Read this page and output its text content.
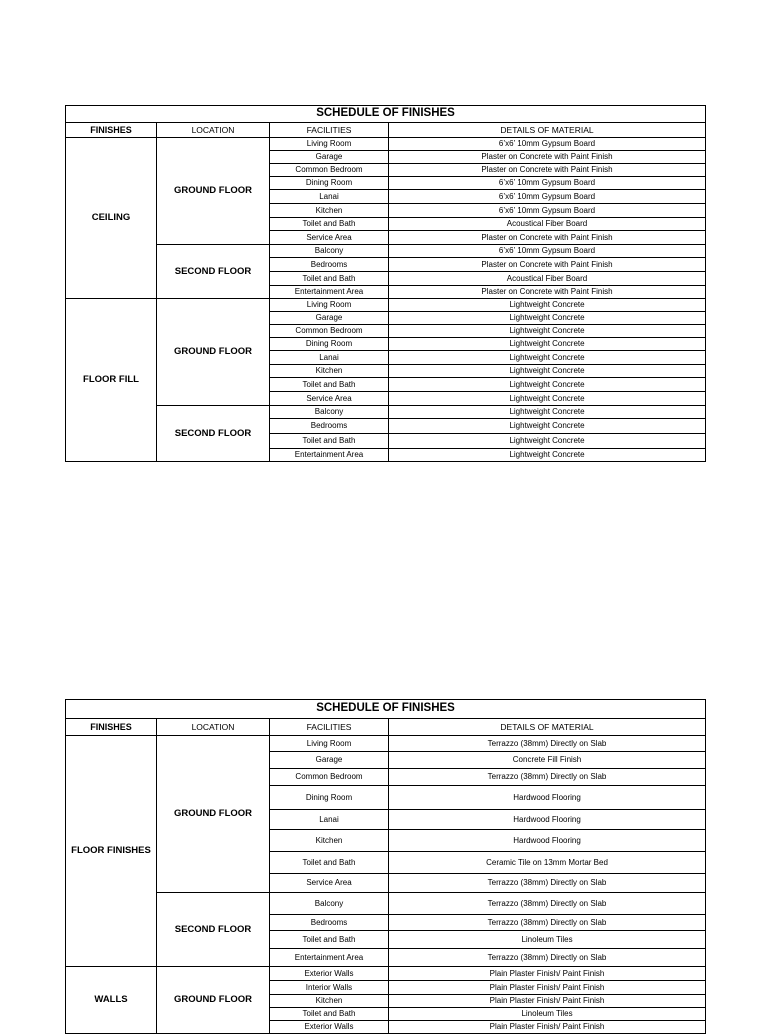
SCHEDULE OF FINISHES			
FINISHES	LOCATION	FACILITIES	DETAILS OF MATERIAL
CEILING	GROUND FLOOR	Living Room	6’x6’ 10mm Gypsum Board
		Garage	Plaster on Concrete with Paint Finish
		Common Bedroom	Plaster on Concrete with Paint Finish
		Dining Room	6’x6’ 10mm Gypsum Board
		Lanai	6’x6’ 10mm Gypsum Board
		Kitchen	6’x6’ 10mm Gypsum Board
		Toilet and Bath	Acoustical Fiber Board
		Service Area	Plaster on Concrete with Paint Finish
	SECOND FLOOR	Balcony	6’x6’ 10mm Gypsum Board
		Bedrooms	Plaster on Concrete with Paint Finish
		Toilet and Bath	Acoustical Fiber Board
		Entertainment Area	Plaster on Concrete with Paint Finish
FLOOR FILL	GROUND FLOOR	Living Room	Lightweight Concrete
		Garage	Lightweight Concrete
		Common Bedroom	Lightweight Concrete
		Dining Room	Lightweight Concrete
		Lanai	Lightweight Concrete
		Kitchen	Lightweight Concrete
		Toilet and Bath	Lightweight Concrete
		Service Area	Lightweight Concrete
	SECOND FLOOR	Balcony	Lightweight Concrete
		Bedrooms	Lightweight Concrete
		Toilet and Bath	Lightweight Concrete
		Entertainment Area	Lightweight Concrete
SCHEDULE OF FINISHES			
FINISHES	LOCATION	FACILITIES	DETAILS OF MATERIAL
FLOOR FINISHES	GROUND FLOOR	Living Room	Terrazzo (38mm) Directly on Slab
		Garage	Concrete Fill Finish
		Common Bedroom	Terrazzo (38mm) Directly on Slab
		Dining Room	Hardwood Flooring
		Lanai	Hardwood Flooring
		Kitchen	Hardwood Flooring
		Toilet and Bath	Ceramic Tile on 13mm Mortar Bed
		Service Area	Terrazzo (38mm) Directly on Slab
	SECOND FLOOR	Balcony	Terrazzo (38mm) Directly on Slab
		Bedrooms	Terrazzo (38mm) Directly on Slab
		Toilet and Bath	Linoleum Tiles
		Entertainment Area	Terrazzo (38mm) Directly on Slab
WALLS	GROUND FLOOR	Exterior Walls	Plain Plaster Finish/ Paint Finish
		Interior Walls	Plain Plaster Finish/ Paint Finish
		Kitchen	Plain Plaster Finish/ Paint Finish
		Toilet and Bath	Linoleum Tiles
		Exterior Walls	Plain Plaster Finish/ Paint Finish
